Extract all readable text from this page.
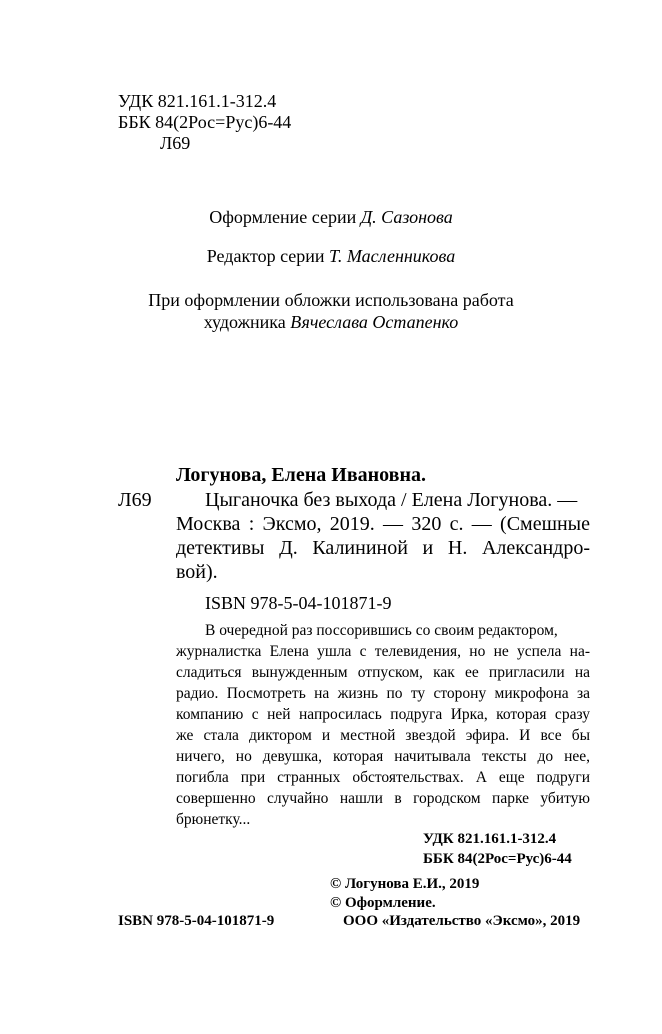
УДК 821.161.1-312.4
ББК 84(2Рос=Рус)6-44
Л69
Оформление серии Д. Сазонова
Редактор серии Т. Масленникова
При оформлении обложки использована работа
художника Вячеслава Остапенко
Логунова, Елена Ивановна.
Л69	Цыганочка без выхода / Елена Логунова. —
Москва : Эксмо, 2019. — 320 с. — (Смешные
детективы Д. Калининой и Н. Александро-
вой).
ISBN 978-5-04-101871-9
В очередной раз поссорившись со своим редактором,
журналистка Елена ушла с телевидения, но не успела на-
сладиться вынужденным отпуском, как ее пригласили на
радио. Посмотреть на жизнь по ту сторону микрофона за
компанию с ней напросилась подруга Ирка, которая сразу
же стала диктором и местной звездой эфира. И все бы
ничего, но девушка, которая начитывала тексты до нее,
погибла при странных обстоятельствах. А еще подруги
совершенно случайно нашли в городском парке убитую
брюнетку...
УДК 821.161.1-312.4
ББК 84(2Рос=Рус)6-44
© Логунова Е.И., 2019
© Оформление.
ISBN 978-5-04-101871-9	ООО «Издательство «Эксмо», 2019
